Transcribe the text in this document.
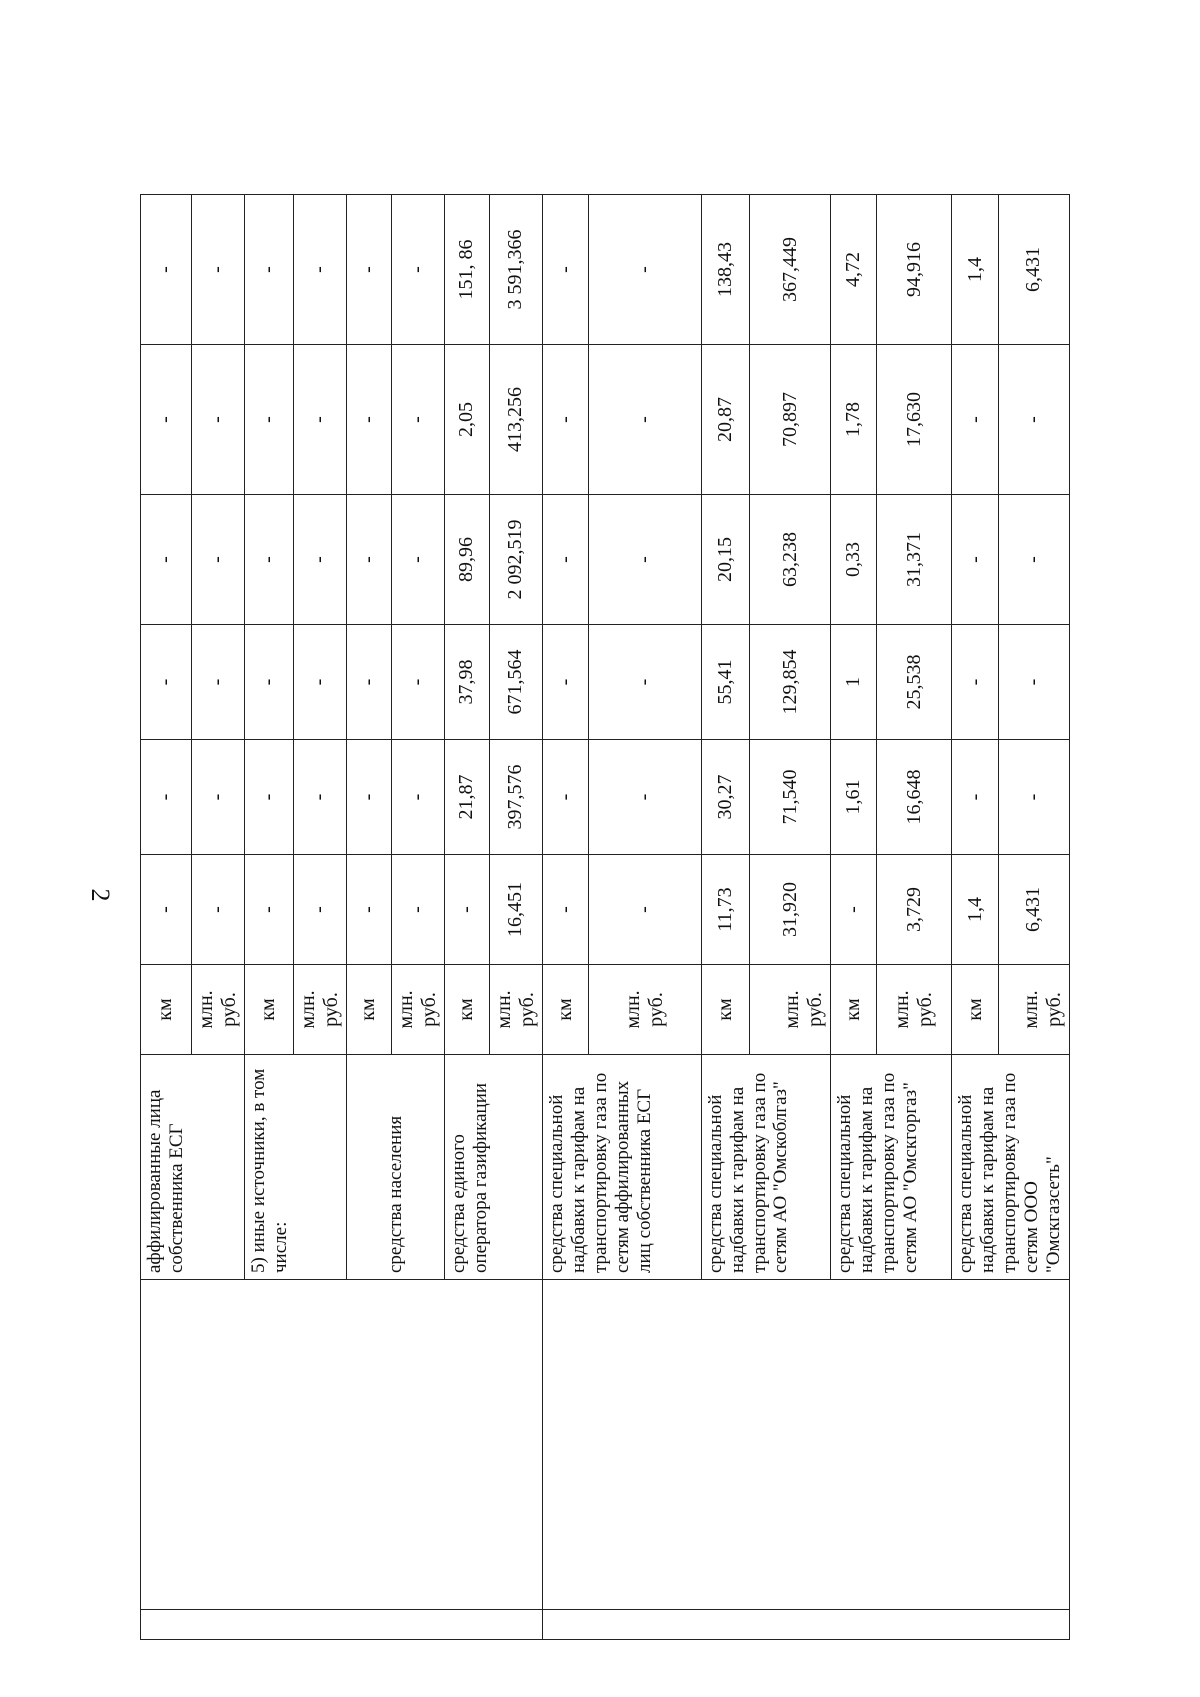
2
		аффилированные лица собственника ЕСГ	км	-	-	-	-	-	-
			млн. руб.	-	-	-	-	-	-
		5) иные источники, в том числе:	км	-	-	-	-	-	-
			млн. руб.	-	-	-	-	-	-
		средства населения	км	-	-	-	-	-	-
			млн. руб.	-	-	-	-	-	-
		средства единого оператора газификации	км	-	21,87	37,98	89,96	2,05	151, 86
			млн. руб.	16,451	397,576	671,564	2 092,519	413,256	3 591,366
		средства специальной надбавки к тарифам на транспортировку газа по сетям аффилированных лиц собственника ЕСГ	км	-	-	-	-	-	-
			млн. руб.	-	-	-	-	-	-
		средства специальной надбавки к тарифам на транспортировку газа по сетям АО "Омскоблгаз"	км	11,73	30,27	55,41	20,15	20,87	138,43
			млн. руб.	31,920	71,540	129,854	63,238	70,897	367,449
		средства специальной надбавки к тарифам на транспортировку газа по сетям АО "Омскгоргаз"	км	-	1,61	1	0,33	1,78	4,72
			млн. руб.	3,729	16,648	25,538	31,371	17,630	94,916
		средства специальной надбавки к тарифам на транспортировку газа по сетям ООО "Омскгазсеть"	км	1,4	-	-	-	-	1,4
			млн. руб.	6,431	-	-	-	-	6,431
